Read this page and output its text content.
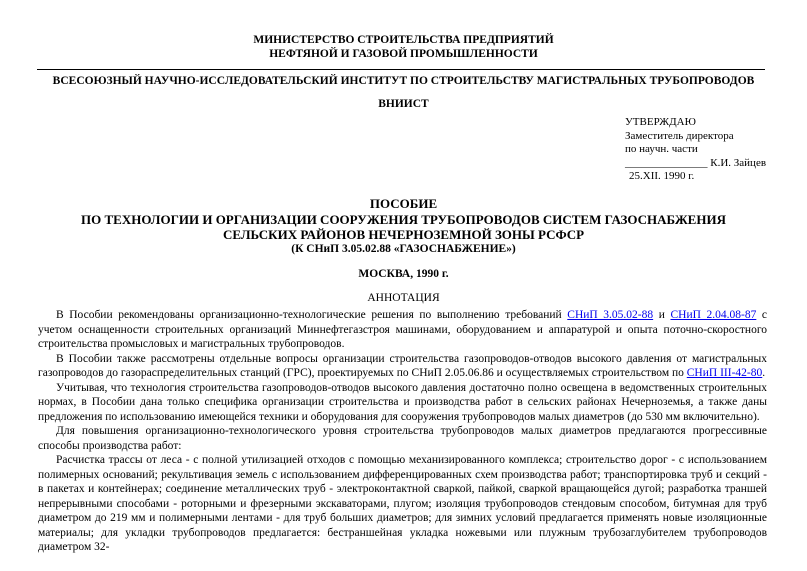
МИНИСТЕРСТВО СТРОИТЕЛЬСТВА ПРЕДПРИЯТИЙ
НЕФТЯНОЙ И ГАЗОВОЙ ПРОМЫШЛЕННОСТИ
ВСЕСОЮЗНЫЙ НАУЧНО-ИССЛЕДОВАТЕЛЬСКИЙ ИНСТИТУТ ПО СТРОИТЕЛЬСТВУ МАГИСТРАЛЬНЫХ ТРУБОПРОВОДОВ
ВНИИСТ
УТВЕРЖДАЮ
Заместитель директора
по научн. части
_______________ К.И. Зайцев
25.XII. 1990 г.
ПОСОБИЕ
ПО ТЕХНОЛОГИИ И ОРГАНИЗАЦИИ СООРУЖЕНИЯ ТРУБОПРОВОДОВ СИСТЕМ ГАЗОСНАБЖЕНИЯ
СЕЛЬСКИХ РАЙОНОВ НЕЧЕРНОЗЕМНОЙ ЗОНЫ РСФСР
(К СНиП 3.05.02.88 «ГАЗОСНАБЖЕНИЕ»)
МОСКВА, 1990 г.
АННОТАЦИЯ

В Пособии рекомендованы организационно-технологические решения по выполнению требований СНиП 3.05.02-88 и СНиП 2.04.08-87 с учетом оснащенности строительных организаций Миннефтегазстроя машинами, оборудованием и аппаратурой и опыта поточно-скоростного строительства промысловых и магистральных трубопроводов.

В Пособии также рассмотрены отдельные вопросы организации строительства газопроводов-отводов высокого давления от магистральных газопроводов до газораспределительных станций (ГРС), проектируемых по СНиП 2.05.06.86 и осуществляемых строительством по СНиП III-42-80.

Учитывая, что технология строительства газопроводов-отводов высокого давления достаточно полно освещена в ведомственных строительных нормах, в Пособии дана только специфика организации строительства и производства работ в сельских районах Нечерноземья, а также даны предложения по использованию имеющейся техники и оборудования для сооружения трубопроводов малых диаметров (до 530 мм включительно).

Для повышения организационно-технологического уровня строительства трубопроводов малых диаметров предлагаются прогрессивные способы производства работ:

Расчистка трассы от леса - с полной утилизацией отходов с помощью механизированного комплекса; строительство дорог - с использованием полимерных оснований; рекультивация земель с использованием дифференцированных схем производства работ; транспортировка труб и секций - в пакетах и контейнерах; соединение металлических труб - электроконтактной сваркой, пайкой, сваркой вращающейся дугой; разработка траншей непрерывными способами - роторными и фрезерными экскаваторами, плугом; изоляция трубопроводов стендовым способом, битумная для труб диаметром до 219 мм и полимерными лентами - для труб больших диаметров; для зимних условий предлагается применять новые изоляционные материалы; для укладки трубопроводов предлагается: бестраншейная укладка ножевыми или плужным трубозаглубителем трубопроводов диаметром 32-
